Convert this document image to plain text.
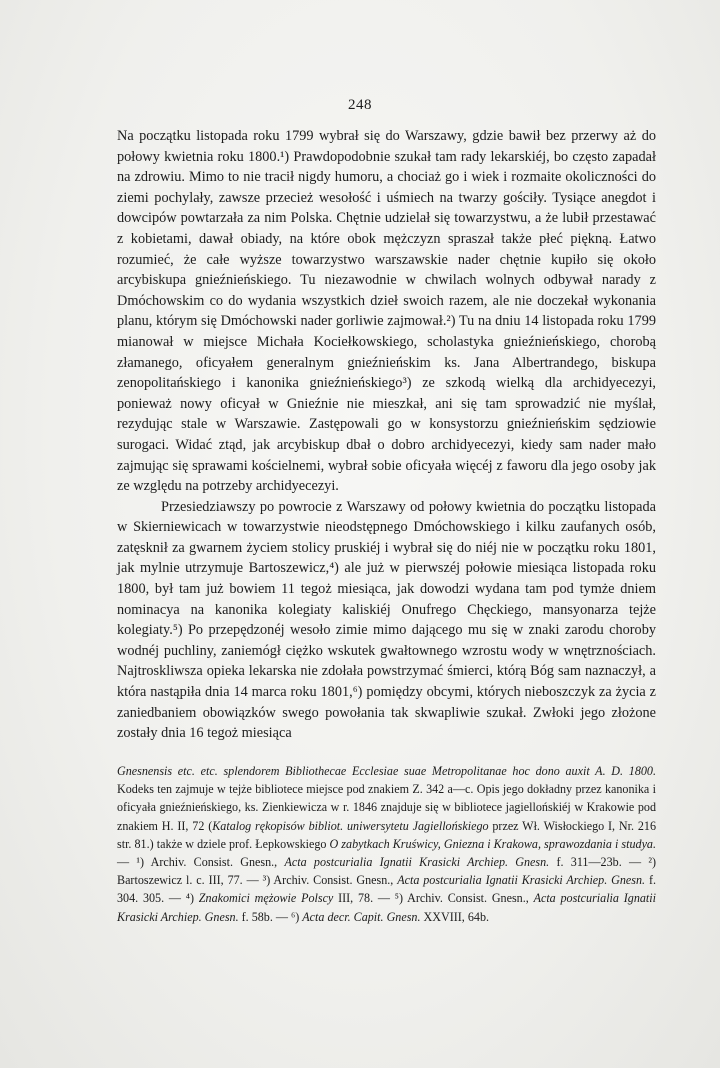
248

Na początku listopada roku 1799 wybrał się do Warszawy, gdzie bawił bez przerwy aż do połowy kwietnia roku 1800.¹) Prawdopodobnie szukał tam rady lekarskiéj, bo często zapadał na zdrowiu. Mimo to nie tracił nigdy humoru, a chociaż go i wiek i rozmaite okoliczności do ziemi pochylały, zawsze przecież wesołość i uśmiech na twarzy gościły. Tysiące anegdot i dowcipów powtarzała za nim Polska. Chętnie udzielał się towarzystwu, a że lubił przestawać z kobietami, dawał obiady, na które obok mężczyzn spraszał także płeć piękną. Łatwo rozumieć, że całe wyższe towarzystwo warszawskie nader chętnie kupiło się około arcybiskupa gnieźnieńskiego. Tu niezawodnie w chwilach wolnych odbywał narady z Dmóchowskim co do wydania wszystkich dzieł swoich razem, ale nie doczekał wykonania planu, którym się Dmóchowski nader gorliwie zajmował.²) Tu na dniu 14 listopada roku 1799 mianował w miejsce Michała Kociełkowskiego, scholastyka gnieźnieńskiego, chorobą złamanego, oficyałem generalnym gnieźnieńskim ks. Jana Albertrandego, biskupa zenopolitańskiego i kanonika gnieźnieńskiego³) ze szkodą wielką dla archidyecezyi, ponieważ nowy oficyał w Gnieźnie nie mieszkał, ani się tam sprowadzić nie myślał, rezydując stale w Warszawie. Zastępowali go w konsystorzu gnieźnieńskim sędziowie surogaci. Widać ztąd, jak arcybiskup dbał o dobro archidyecezyi, kiedy sam nader mało zajmując się sprawami kościelnemi, wybrał sobie oficyała więcéj z faworu dla jego osoby jak ze względu na potrzeby archidyecezyi.

Przesiedziawszy po powrocie z Warszawy od połowy kwietnia do początku listopada w Skierniewicach w towarzystwie nieodstępnego Dmóchowskiego i kilku zaufanych osób, zatęsknił za gwarnem życiem stolicy pruskiéj i wybrał się do niéj nie w początku roku 1801, jak mylnie utrzymuje Bartoszewicz,⁴) ale już w pierwszéj połowie miesiąca listopada roku 1800, był tam już bowiem 11 tegoż miesiąca, jak dowodzi wydana tam pod tymże dniem nominacya na kanonika kolegiaty kaliskiéj Onufrego Chęckiego, mansyonarza tejże kolegiaty.⁵) Po przepędzonéj wesoło zimie mimo dającego mu się w znaki zarodu choroby wodnéj puchliny, zaniemógł ciężko wskutek gwałtownego wzrostu wody w wnętrznościach. Najtroskliwsza opieka lekarska nie zdołała powstrzymać śmierci, którą Bóg sam naznaczył, a która nastąpiła dnia 14 marca roku 1801,⁶) pomiędzy obcymi, których nieboszczyk za życia z zaniedbaniem obowiązków swego powołania tak skwapliwie szukał. Zwłoki jego złożone zostały dnia 16 tegoż miesiąca

Gnesnensis etc. etc. splendorem Bibliothecae Ecclesiae suae Metropolitanae hoc dono auxit A. D. 1800. Kodeks ten zajmuje w tejże bibliotece miejsce pod znakiem Z. 342 a—c. Opis jego dokładny przez kanonika i oficyała gnieźnieńskiego, ks. Zienkiewicza w r. 1846 znajduje się w bibliotece jagiellońskiéj w Krakowie pod znakiem H. II, 72 (Katalog rękopisów bibliot. uniwersytetu Jagiellońskiego przez Wł. Wisłockiego I, Nr. 216 str. 81.) także w dziele prof. Łepkowskiego O zabytkach Kruświcy, Gniezna i Krakowa, sprawozdania i studya. — ¹) Archiv. Consist. Gnesn., Acta postcurialia Ignatii Krasicki Archiep. Gnesn. f. 311—23b. — ²) Bartoszewicz l. c. III, 77. — ³) Archiv. Consist. Gnesn., Acta postcurialia Ignatii Krasicki Archiep. Gnesn. f. 304. 305. — ⁴) Znakomici mężowie Polscy III, 78. — ⁵) Archiv. Consist. Gnesn., Acta postcurialia Ignatii Krasicki Archiep. Gnesn. f. 58b. — ⁶) Acta decr. Capit. Gnesn. XXVIII, 64b.
